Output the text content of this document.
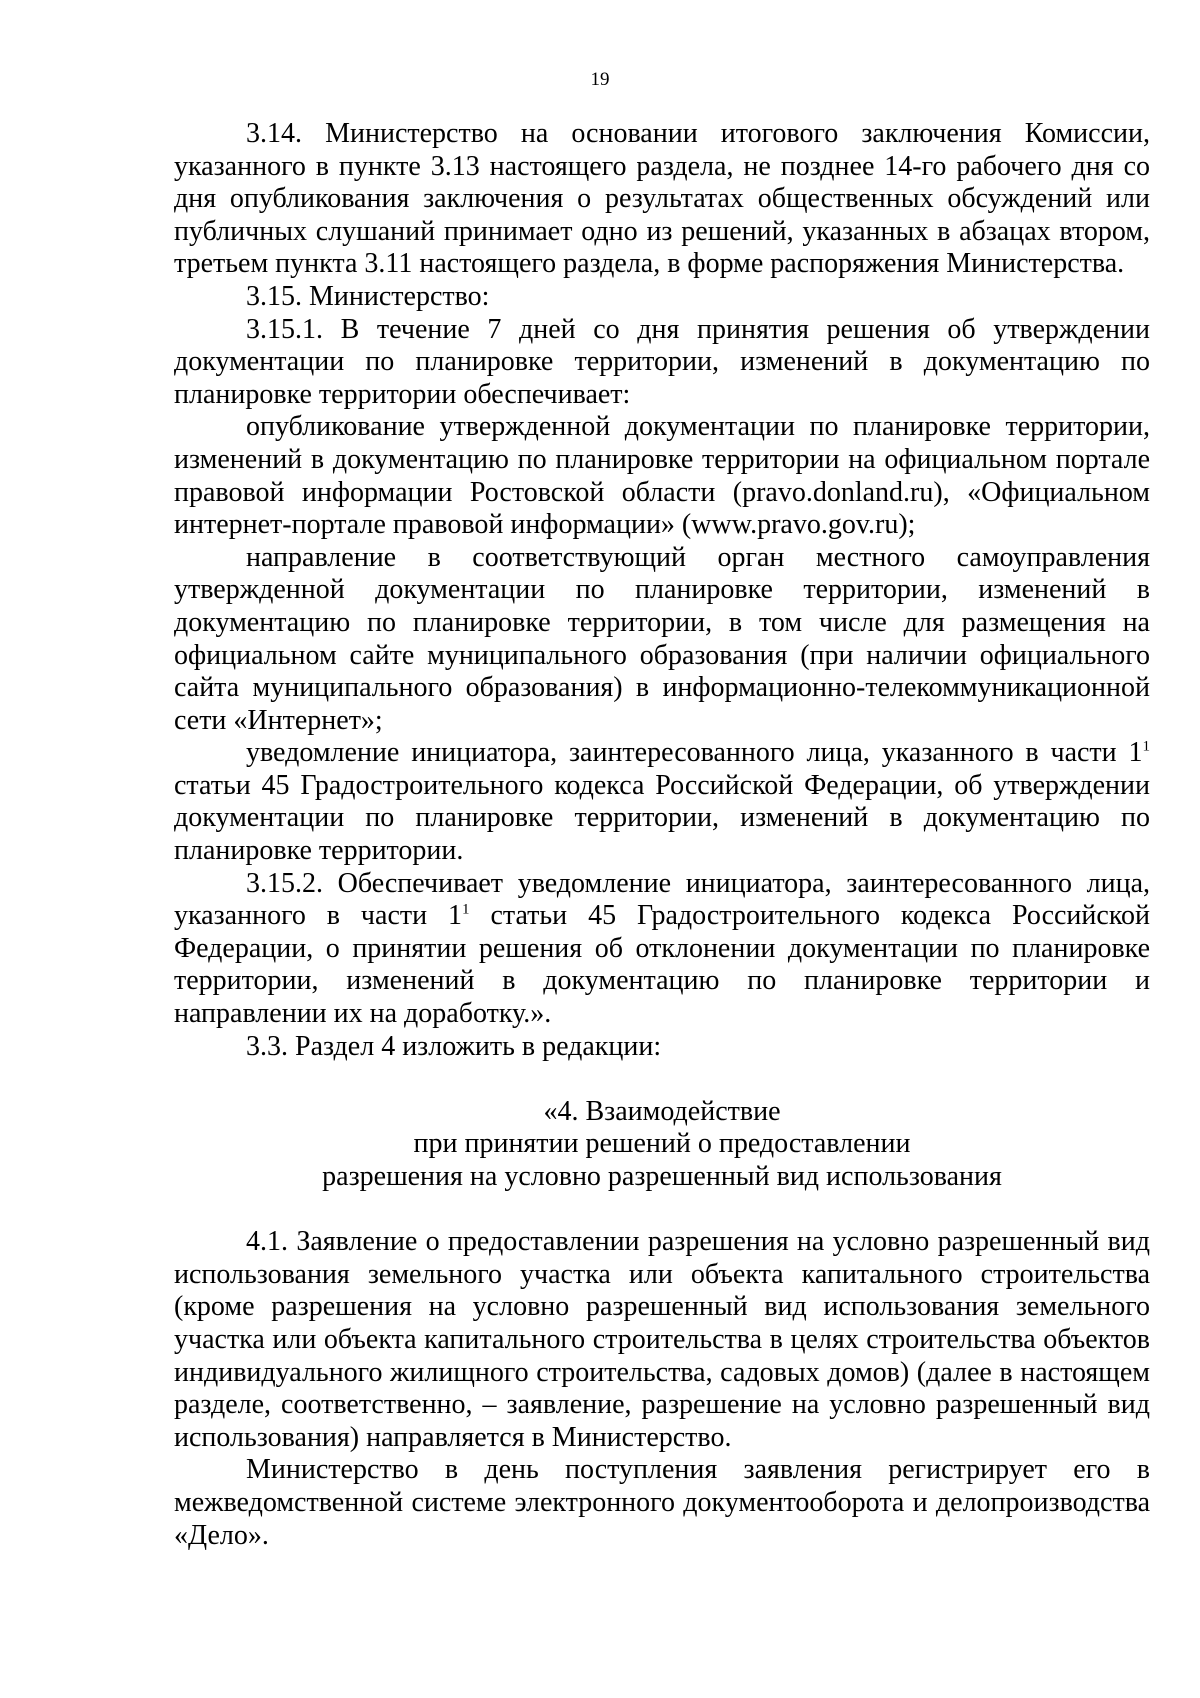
19

3.14. Министерство на основании итогового заключения Комиссии, указанного в пункте 3.13 настоящего раздела, не позднее 14-го рабочего дня со дня опубликования заключения о результатах общественных обсуждений или публичных слушаний принимает одно из решений, указанных в абзацах втором, третьем пункта 3.11 настоящего раздела, в форме распоряжения Министерства.

3.15. Министерство:

3.15.1. В течение 7 дней со дня принятия решения об утверждении документации по планировке территории, изменений в документацию по планировке территории обеспечивает:

опубликование утвержденной документации по планировке территории, изменений в документацию по планировке территории на официальном портале правовой информации Ростовской области (pravo.donland.ru), «Официальном интернет-портале правовой информации» (www.pravo.gov.ru);

направление в соответствующий орган местного самоуправления утвержденной документации по планировке территории, изменений в документацию по планировке территории, в том числе для размещения на официальном сайте муниципального образования (при наличии официального сайта муниципального образования) в информационно-телекоммуникационной сети «Интернет»;

уведомление инициатора, заинтересованного лица, указанного в части $1^1$ статьи 45 Градостроительного кодекса Российской Федерации, об утверждении документации по планировке территории, изменений в документацию по планировке территории.

3.15.2. Обеспечивает уведомление инициатора, заинтересованного лица, указанного в части $1^1$ статьи 45 Градостроительного кодекса Российской Федерации, о принятии решения об отклонении документации по планировке территории, изменений в документацию по планировке территории и направлении их на доработку.».

3.3. Раздел 4 изложить в редакции:

«4. Взаимодействие

при принятии решений о предоставлении

разрешения на условно разрешенный вид использования

4.1. Заявление о предоставлении разрешения на условно разрешенный вид использования земельного участка или объекта капитального строительства (кроме разрешения на условно разрешенный вид использования земельного участка или объекта капитального строительства в целях строительства объектов индивидуального жилищного строительства, садовых домов) (далее в настоящем разделе, соответственно, – заявление, разрешение на условно разрешенный вид использования) направляется в Министерство.

Министерство в день поступления заявления регистрирует его в межведомственной системе электронного документооборота и делопроизводства «Дело».
